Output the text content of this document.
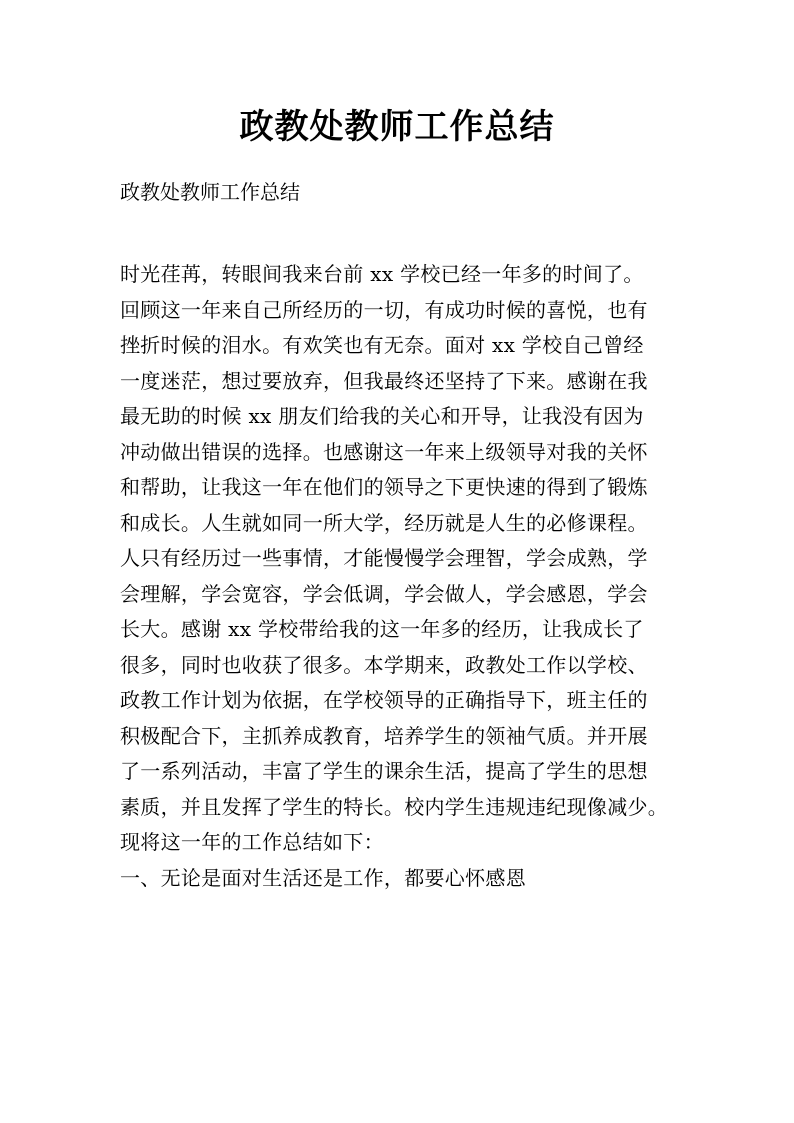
政教处教师工作总结

政教处教师工作总结

时光荏苒，转眼间我来台前 xx 学校已经一年多的时间了。
回顾这一年来自己所经历的一切，有成功时候的喜悦，也有
挫折时候的泪水。有欢笑也有无奈。面对 xx 学校自己曾经
一度迷茫，想过要放弃，但我最终还坚持了下来。感谢在我
最无助的时候 xx 朋友们给我的关心和开导，让我没有因为
冲动做出错误的选择。也感谢这一年来上级领导对我的关怀
和帮助，让我这一年在他们的领导之下更快速的得到了锻炼
和成长。人生就如同一所大学，经历就是人生的必修课程。
人只有经历过一些事情，才能慢慢学会理智，学会成熟，学
会理解，学会宽容，学会低调，学会做人，学会感恩，学会
长大。感谢 xx 学校带给我的这一年多的经历，让我成长了
很多，同时也收获了很多。本学期来，政教处工作以学校、
政教工作计划为依据，在学校领导的正确指导下，班主任的
积极配合下，主抓养成教育，培养学生的领袖气质。并开展
了一系列活动，丰富了学生的课余生活，提高了学生的思想
素质，并且发挥了学生的特长。校内学生违规违纪现像减少。
现将这一年的工作总结如下：
一、无论是面对生活还是工作，都要心怀感恩
